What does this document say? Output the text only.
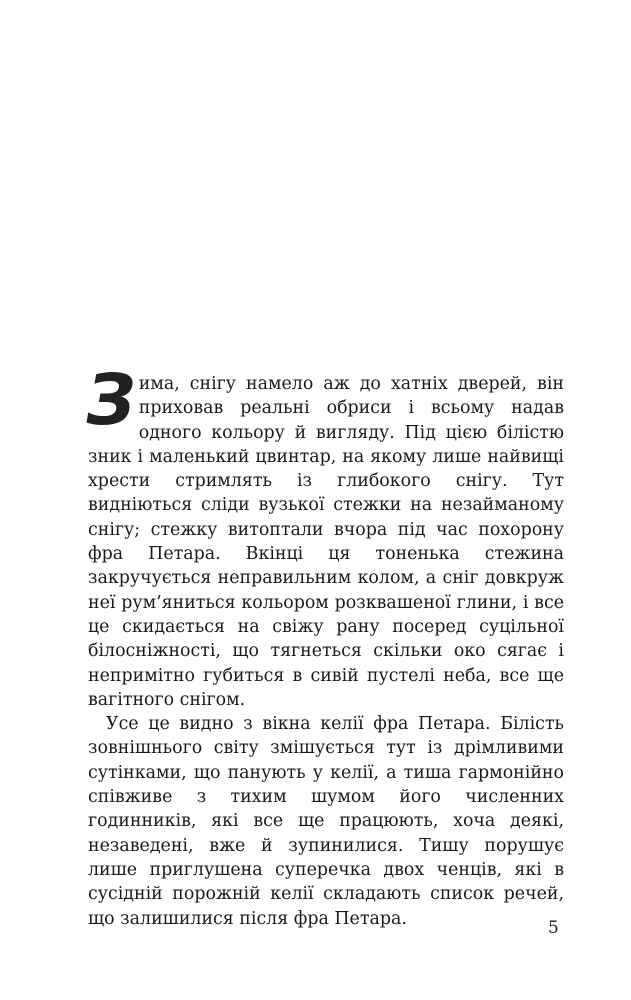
З
има, снігу намело аж до хатніх дверей, він приховав реальні обриси і всьому надав одного кольору й вигляду. Під цією білістю зник і маленький цвинтар, на якому лише найвищі хрести стримлять із глибокого снігу. Тут видніються сліди вузької стежки на незайманому снігу; стежку витоптали вчора під час похорону фра Петара. Вкінці ця тоненька стежина закручується неправильним колом, а сніг довкруж неї рум’яниться кольором розквашеної глини, і все це скидається на свіжу рану посеред суцільної білосніжності, що тягнеться скільки око сягає і непримітно губиться в сивій пустелі неба, все ще вагітного снігом.

Усе це видно з вікна келії фра Петара. Білість зовнішнього світу змішується тут із дрімливими сутінками, що панують у келії, а тиша гармонійно співживе з тихим шумом його численних годинників, які все ще працюють, хоча деякі, незаведені, вже й зупинилися. Тишу порушує лише приглушена суперечка двох ченців, які в сусідній порожній келії складають список речей, що залишилися після фра Петара.	5
